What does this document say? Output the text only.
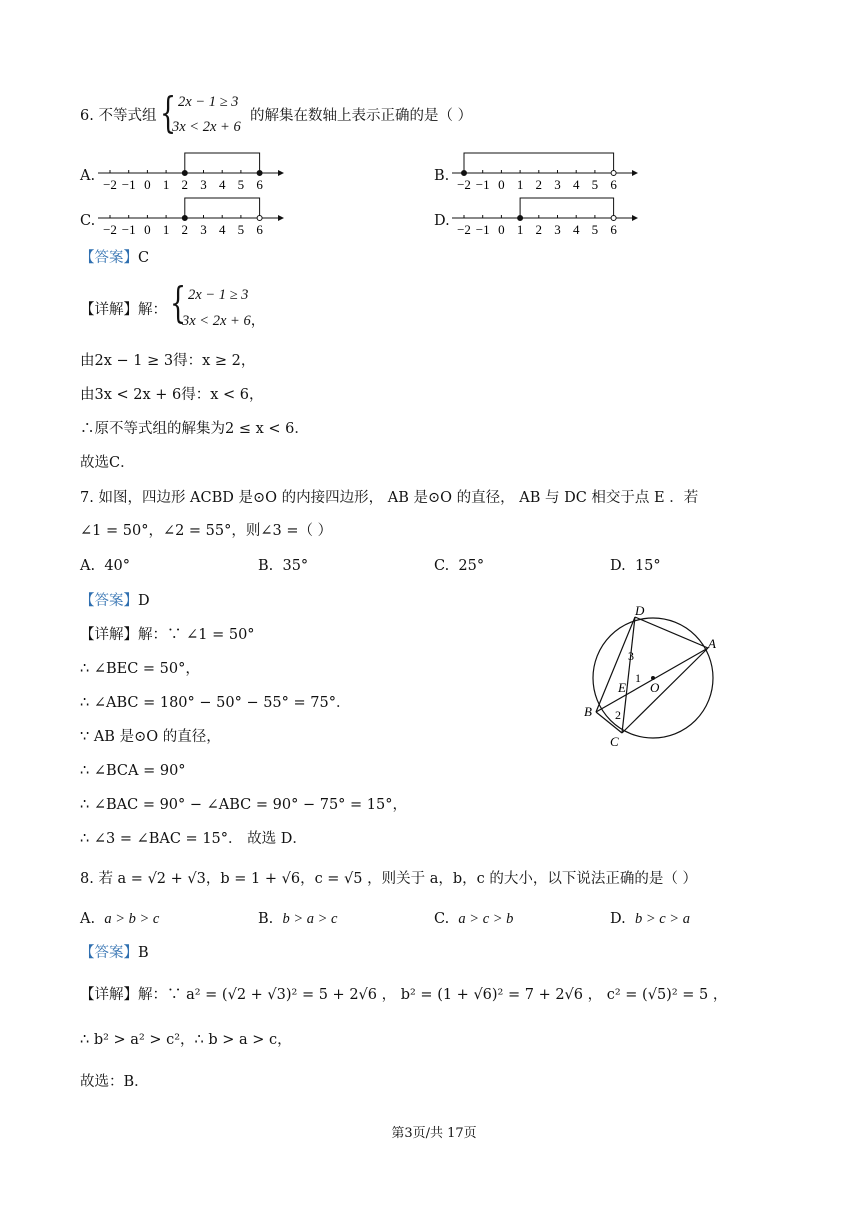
6. 不等式组 { 2x − 1 ≥ 3
3x < 2x + 6
的解集在数轴上表示正确的是（ ）
A.
−2 −1 0 1 2 3 4 5 6
B.
−2 −1 0 1 2 3 4 5 6
C.
−2 −1 0 1 2 3 4 5 6
D.
−2 −1 0 1 2 3 4 5 6
【答案】C
【详解】解： { 2x − 1 ≥ 3
3x < 2x + 6，
由2x − 1 ≥ 3得：x ≥ 2，
由3x < 2x + 6得：x < 6，
∴原不等式组的解集为2 ≤ x < 6．
故选C．
7. 如图，四边形 ACBD 是⊙O 的内接四边形， AB 是⊙O 的直径， AB 与 DC 相交于点 E ．若
∠1 = 50°，∠2 = 55°，则∠3 =（ ）
A. 40°	B. 35°	C. 25°	D. 15°
【答案】D
【详解】解：∵ ∠1 = 50°
∴ ∠BEC = 50°，
∴ ∠ABC = 180° − 50° − 55° = 75°．
∵ AB 是⊙O 的直径，
∴ ∠BCA = 90°
∴ ∠BAC = 90° − ∠ABC = 90° − 75° = 15°，
∴ ∠3 = ∠BAC = 15°． 故选 D．
D
A
O
E
B
C
1
2
3
8. 若 a = √2 + √3，b = 1 + √6，c = √5 ，则关于 a，b，c 的大小，以下说法正确的是（ ）
A. a > b > c	B. b > a > c	C. a > c > b	D. b > c > a
【答案】B
【详解】解：∵ a² = (√2 + √3)² = 5 + 2√6 ， b² = (1 + √6)² = 7 + 2√6 ， c² = (√5)² = 5 ，
∴ b² > a² > c²，∴ b > a > c，
故选：B．
第3页/共 17页
